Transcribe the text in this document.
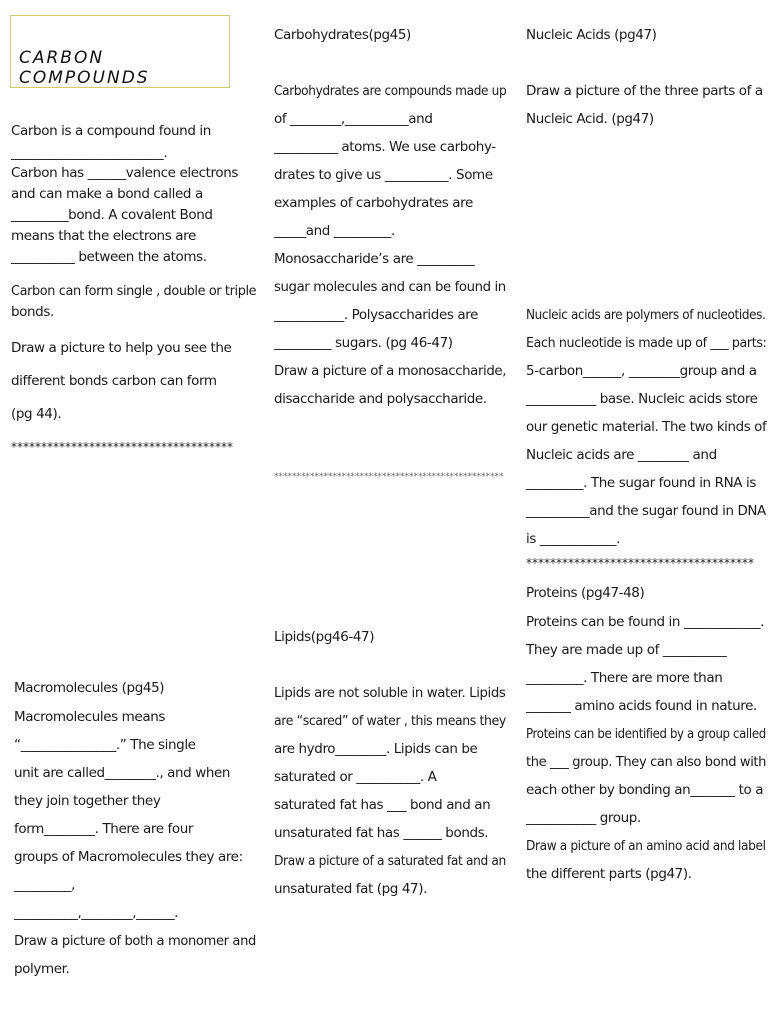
CARBON COMPOUNDS
Carbon is a compound found in
________________________.
Carbon has ______valence electrons
and can make a bond called a
_________bond. A covalent Bond
means that the electrons are
__________ between the atoms.
Carbon can form single , double or triple
bonds.
Draw a picture to help you see the
different bonds carbon can form
(pg 44).
*************************************
Macromolecules (pg45)
Macromolecules means
“_______________.” The single
unit are called________., and when
they join together they
form________. There are four
groups of Macromolecules they are:
_________,
__________,________,______.
Draw a picture of both a monomer and
polymer.
Carbohydrates(pg45)
Carbohydrates are compounds made up
of ________,__________and
__________ atoms. We use carbohy-
drates to give us __________. Some
examples of carbohydrates are
_____and _________.
Monosaccharide’s are _________
sugar molecules and can be found in
___________. Polysaccharides are
_________ sugars. (pg 46-47)
Draw a picture of a monosaccharide,
disaccharide and polysaccharide.
***************************************************
Lipids(pg46-47)
Lipids are not soluble in water. Lipids
are “scared” of water , this means they
are hydro________. Lipids can be
saturated or __________. A
saturated fat has ___ bond and an
unsaturated fat has ______ bonds.
Draw a picture of a saturated fat and an
unsaturated fat (pg 47).
Nucleic Acids (pg47)
Draw a picture of the three parts of a
Nucleic Acid. (pg47)
Nucleic acids are polymers of nucleotides.
Each nucleotide is made up of ___ parts:
5-carbon______, ________group and a
___________ base. Nucleic acids store
our genetic material. The two kinds of
Nucleic acids are ________ and
_________. The sugar found in RNA is
__________and the sugar found in DNA
is ____________.
**************************************
Proteins (pg47-48)
Proteins can be found in ____________.
They are made up of __________
_________. There are more than
_______ amino acids found in nature.
Proteins can be identified by a group called
the ___ group. They can also bond with
each other by bonding an_______ to a
___________ group.
Draw a picture of an amino acid and label
the different parts (pg47).
